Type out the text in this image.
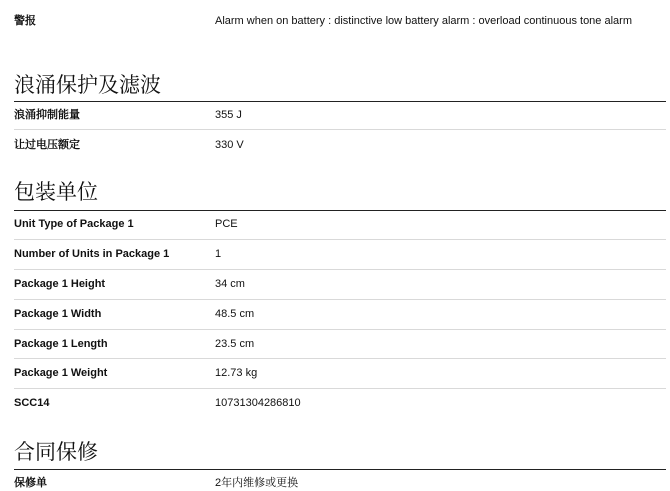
警报	Alarm when on battery : distinctive low battery alarm : overload continuous tone alarm
浪涌保护及滤波
浪涌抑制能量	355 J
让过电压额定	330 V
包装单位
Unit Type of Package 1	PCE
Number of Units in Package 1	1
Package 1 Height	34 cm
Package 1 Width	48.5 cm
Package 1 Length	23.5 cm
Package 1 Weight	12.73 kg
SCC14	10731304286810
合同保修
保修单	2年内维修或更换
